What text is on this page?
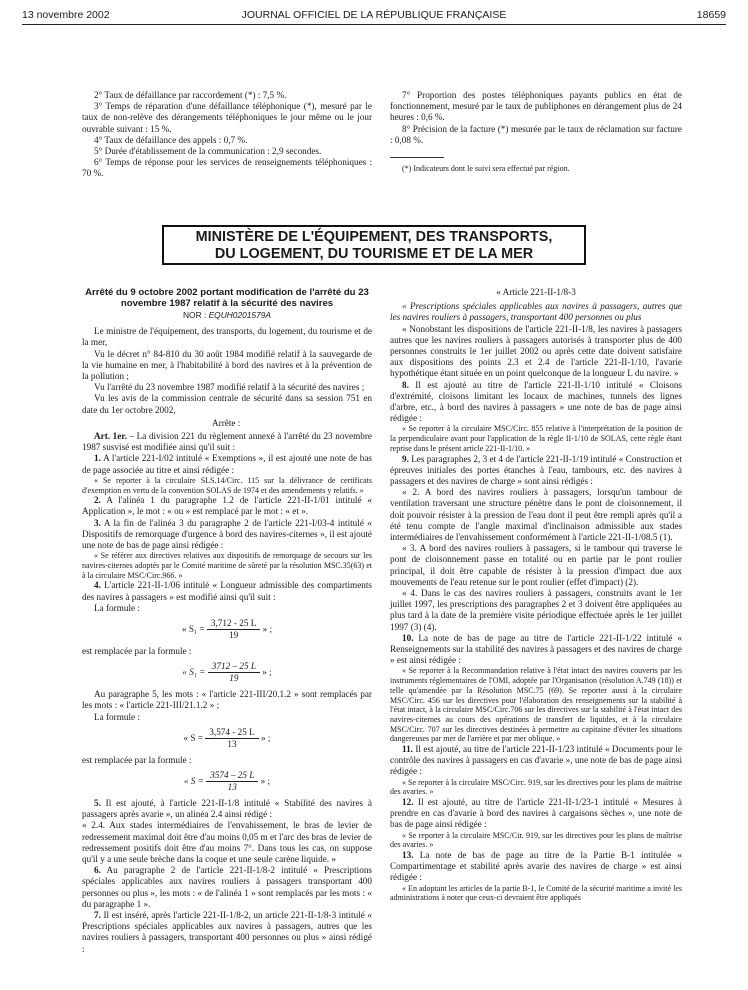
13 novembre 2002	JOURNAL OFFICIEL DE LA RÉPUBLIQUE FRANÇAISE	18659

2° Taux de défaillance par raccordement (*) : 7,5 %.

3° Temps de réparation d'une défaillance téléphonique (*), mesuré par le taux de non-relève des dérangements téléphoniques le jour même ou le jour ouvrable suivant : 15 %.

4° Taux de défaillance des appels : 0,7 %.

5° Durée d'établissement de la communication : 2,9 secondes.

6° Temps de réponse pour les services de renseignements téléphoniques : 70 %.

7° Proportion des postes téléphoniques payants publics en état de fonctionnement, mesuré par le taux de publiphones en dérangement plus de 24 heures : 0,6 %.

8° Précision de la facture (*) mesurée par le taux de réclamation sur facture : 0,08 %.

(*) Indicateurs dont le suivi sera effectué par région.

MINISTÈRE DE L'ÉQUIPEMENT, DES TRANSPORTS,
DU LOGEMENT, DU TOURISME ET DE LA MER
Arrêté du 9 octobre 2002 portant modification de l'arrêté du 23 novembre 1987 relatif à la sécurité des navires
NOR : EQUH0201579A

Le ministre de l'équipement, des transports, du logement, du tourisme et de la mer,

Vu le décret n° 84-810 du 30 août 1984 modifié relatif à la sauvegarde de la vie humaine en mer, à l'habitabilité à bord des navires et à la prévention de la pollution ;

Vu l'arrêté du 23 novembre 1987 modifié relatif à la sécurité des navires ;

Vu les avis de la commission centrale de sécurité dans sa session 751 en date du 1er octobre 2002,

Arrête :

Art. 1er. – La division 221 du règlement annexé à l'arrêté du 23 novembre 1987 susvisé est modifiée ainsi qu'il suit :

1. A l'article 221-I/02 intitulé « Exemptions », il est ajouté une note de bas de page associée au titre et ainsi rédigée :

« Se reporter à la circulaire SLS.14/Circ. 115 sur la délivrance de certificats d'exemption en vertu de la convention SOLAS de 1974 et des amendements y relatifs. »

2. A l'alinéa 1 du paragraphe 1.2 de l'article 221-II-1/01 intitulé « Application », le mot : « ou » est remplacé par le mot : « et ».

3. A la fin de l'alinéa 3 du paragraphe 2 de l'article 221-I/03-4 intitulé « Dispositifs de remorquage d'urgence à bord des navires-citernes », il est ajouté une note de bas de page ainsi rédigée :

« Se référer aux directives relatives aux dispositifs de remorquage de secours sur les navires-citernes adoptés par le Comité maritime de sûreté par la résolution MSC.35(63) et à la circulaire MSC/Circ.966. »

4. L'article 221-II-1/06 intitulé « Longueur admissible des compartiments des navires à passagers » est modifié ainsi qu'il suit :

La formule :

« $S_1 = \frac{3,712 - 25 L}{19}$ » ;

est remplacée par la formule :

« $S_1 = \frac{3712 - 25 L}{19}$ » ;

Au paragraphe 5, les mots : « l'article 221-III/20.1.2 » sont remplacés par les mots : « l'article 221-III/21.1.2 » ;

La formule :

« $S = \frac{3,574 - 25 L}{13}$ » ;

est remplacée par la formule :

« $S = \frac{3574 - 25 L}{13}$ » ;

5. Il est ajouté, à l'article 221-II-1/8 intitulé « Stabilité des navires à passagers après avarie », un alinéa 2.4 ainsi rédigé :

« 2.4. Aux stades intermédiaires de l'envahissement, le bras de levier de redressement maximal doit être d'au moins 0,05 m et l'arc des bras de levier de redressement positifs doit être d'au moins 7°. Dans tous les cas, on suppose qu'il y a une seule brèche dans la coque et une seule carène liquide. »

6. Au paragraphe 2 de l'article 221-II-1/8-2 intitulé « Prescriptions spéciales applicables aux navires rouliers à passagers transportant 400 personnes ou plus », les mots : « de l'alinéa 1 » sont remplacés par les mots : « du paragraphe 1 ».

7. Il est inséré, après l'article 221-II-1/8-2, un article 221-II-1/8-3 intitulé « Prescriptions spéciales applicables aux navires à passagers, autres que les navires rouliers à passagers, transportant 400 personnes ou plus » ainsi rédigé :

« Article 221-II-1/8-3

« Prescriptions spéciales applicables aux navires à passagers, autres que les navires rouliers à passagers, transportant 400 personnes ou plus

« Nonobstant les dispositions de l'article 221-II-1/8, les navires à passagers autres que les navires rouliers à passagers autorisés à transporter plus de 400 personnes construits le 1er juillet 2002 ou après cette date doivent satisfaire aux dispositions des points 2.3 et 2.4 de l'article 221-II-1/10, l'avarie hypothétique étant située en un point quelconque de la longueur L du navire. »

8. Il est ajouté au titre de l'article 221-II-1/10 intitulé « Cloisons d'extrémité, cloisons limitant les locaux de machines, tunnels des lignes d'arbre, etc., à bord des navires à passagers » une note de bas de page ainsi rédigée :

« Se reporter à la circulaire MSC/Circ. 855 relative à l'interprétation de la position de la perpendiculaire avant pour l'application de la règle II-1/10 de SOLAS, cette règle étant reprise dans le présent article 221-II-1/10. »

9. Les paragraphes 2, 3 et 4 de l'article 221-II-1/19 intitulé « Construction et épreuves initiales des portes étanches à l'eau, tambours, etc. des navires à passagers et des navires de charge » sont ainsi rédigés :

« 2. A bord des navires rouliers à passagers, lorsqu'un tambour de ventilation traversant une structure pénètre dans le pont de cloisonnement, il doit pouvoir résister à la pression de l'eau dont il peut être rempli après qu'il a été tenu compte de l'angle maximal d'inclinaison admissible aux stades intermédiaires de l'envahissement conformément à l'article 221-II-1/08.5 (1).

« 3. A bord des navires rouliers à passagers, si le tambour qui traverse le pont de cloisonnement passe en totalité ou en partie par le pont roulier principal, il doit être capable de résister à la pression d'impact due aux mouvements de l'eau retenue sur le pont roulier (effet d'impact) (2).

« 4. Dans le cas des navires rouliers à passagers, construits avant le 1er juillet 1997, les prescriptions des paragraphes 2 et 3 doivent être appliquées au plus tard à la date de la première visite périodique effectuée après le 1er juillet 1997 (3) (4).

10. La note de bas de page au titre de l'article 221-II-1/22 intitulé « Renseignements sur la stabilité des navires à passagers et des navires de charge » est ainsi rédigée :

« Se reporter à la Recommandation relative à l'état intact des navires couverts par les instruments réglementaires de l'OMI, adoptée par l'Organisation (résolution A.749 (18)) et telle qu'amendée par la Résolution MSC.75 (69). Se reporter aussi à la circulaire MSC/Circ. 456 sur les directives pour l'élaboration des renseignements sur la stabilité à l'état intact, à la circulaire MSC/Circ.706 sur les directives sur la stabilité à l'état intact des navires-citernes au cours des opérations de transfert de liquides, et à la circulaire MSC/Circ. 707 sur les directives destinées à permettre au capitaine d'éviter les situations dangereuses par mer de l'arrière et par mer oblique. »

11. Il est ajouté, au titre de l'article 221-II-1/23 intitulé « Documents pour le contrôle des navires à passagers en cas d'avarie », une note de bas de page ainsi rédigée :

« Se reporter à la circulaire MSC/Circ. 919, sur les directives pour les plans de maîtrise des avaries. »

12. Il est ajouté, au titre de l'article 221-II-1/23-1 intitulé « Mesures à prendre en cas d'avarie à bord des navires à cargaisons sèches », une note de bas de page ainsi rédigée :

« Se reporter à la circulaire MSC/Cir. 919, sur les directives pour les plans de maîtrise des avaries. »

13. La note de bas de page au titre de la Partie B-1 intitulée « Compartimentage et stabilité après avarie des navires de charge » est ainsi rédigée :

« En adoptant les articles de la partie B-1, le Comité de la sécurité maritime a invité les administrations à noter que ceux-ci devraient être appliqués
